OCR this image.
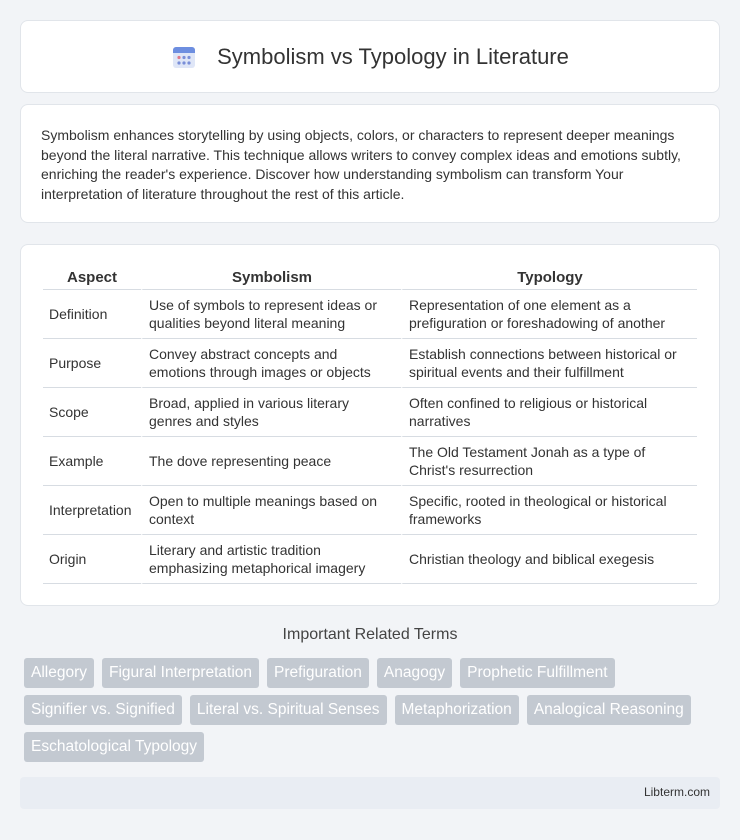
Symbolism vs Typology in Literature

Symbolism enhances storytelling by using objects, colors, or characters to represent deeper meanings beyond the literal narrative. This technique allows writers to convey complex ideas and emotions subtly, enriching the reader's experience. Discover how understanding symbolism can transform Your interpretation of literature throughout the rest of this article.

Aspect	Symbolism	Typology
Definition	Use of symbols to represent ideas or qualities beyond literal meaning	Representation of one element as a prefiguration or foreshadowing of another
Purpose	Convey abstract concepts and emotions through images or objects	Establish connections between historical or spiritual events and their fulfillment
Scope	Broad, applied in various literary genres and styles	Often confined to religious or historical narratives
Example	The dove representing peace	The Old Testament Jonah as a type of Christ's resurrection
Interpretation	Open to multiple meanings based on context	Specific, rooted in theological or historical frameworks
Origin	Literary and artistic tradition emphasizing metaphorical imagery	Christian theology and biblical exegesis
Important Related Terms
Allegory	Figural Interpretation	Prefiguration	Anagogy	Prophetic Fulfillment
Signifier vs. Signified	Literal vs. Spiritual Senses	Metaphorization	Analogical Reasoning
Eschatological Typology
Libterm.com
